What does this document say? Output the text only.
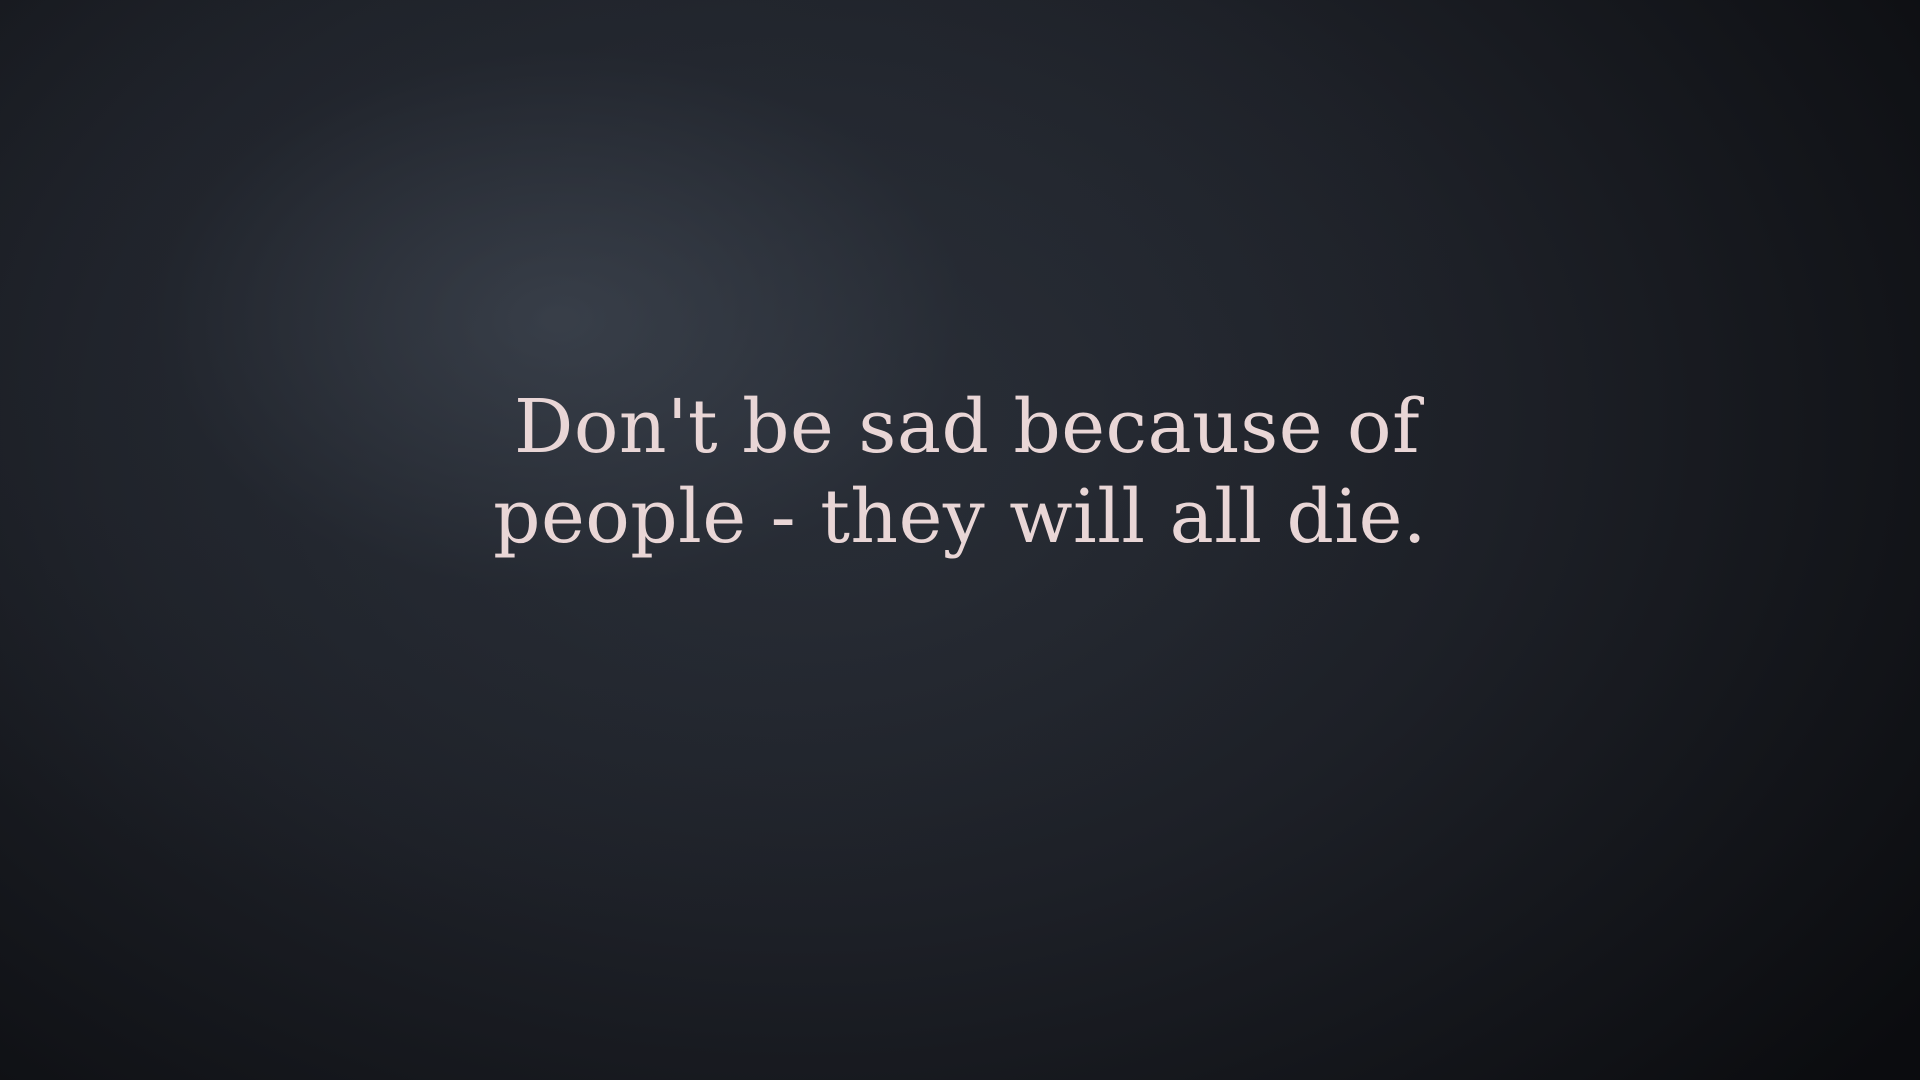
Don't be sad because of
people - they will all die.
